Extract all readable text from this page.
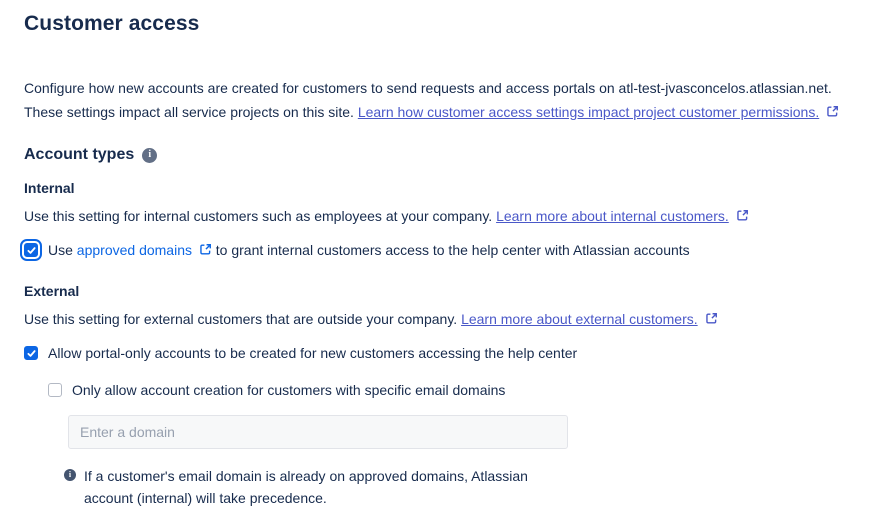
Customer access

Configure how new accounts are created for customers to send requests and access portals on atl-test-jvasconcelos.atlassian.net. These settings impact all service projects on this site. Learn how customer access settings impact project customer permissions.

Account types	i
Internal

Use this setting for internal customers such as employees at your company. Learn more about internal customers.

Use approved domains to grant internal customers access to the help center with Atlassian accounts
External

Use this setting for external customers that are outside your company. Learn more about external customers.

Allow portal-only accounts to be created for new customers accessing the help center
Only allow account creation for customers with specific email domains
Enter a domain
i If a customer's email domain is already on approved domains, Atlassian account (internal) will take precedence.
